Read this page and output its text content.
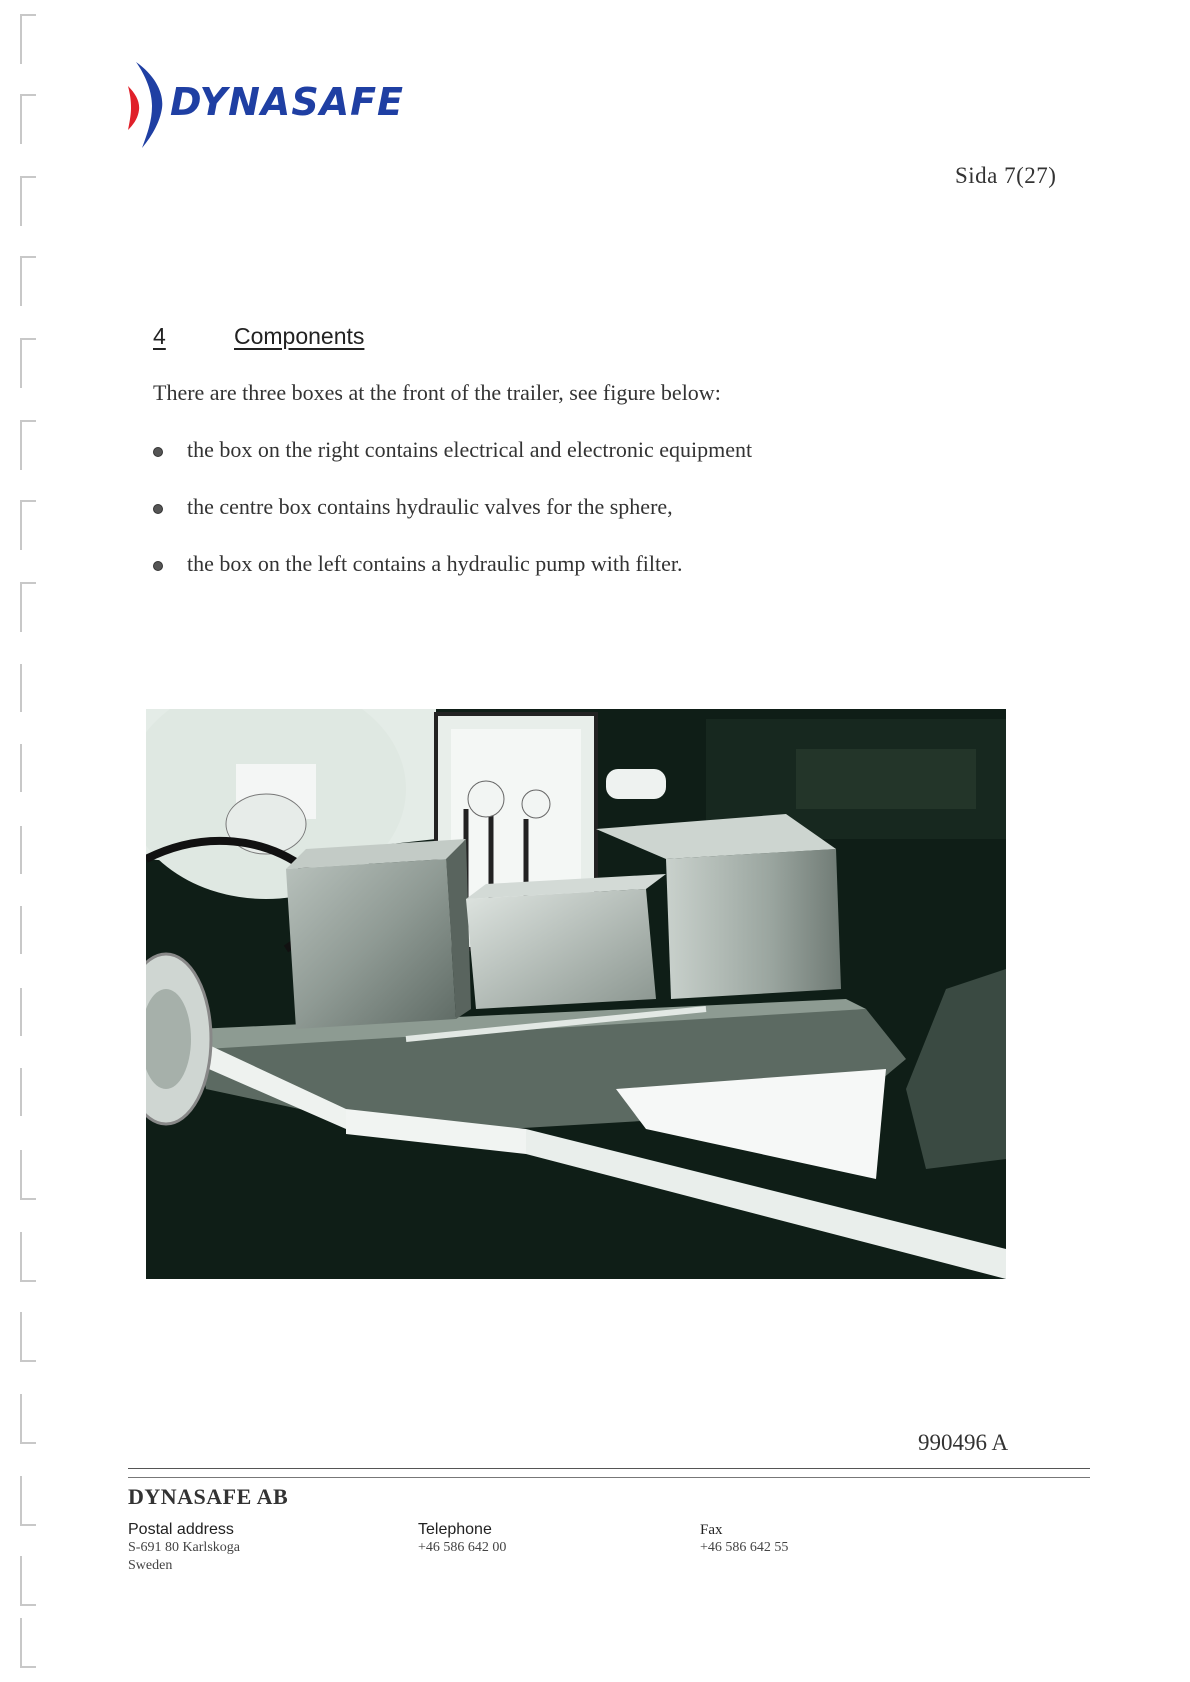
DYNASAFE
Sida 7(27)
4	Components
There are three boxes at the front of the trailer, see figure below:
the box on the right contains electrical and electronic equipment
the centre box contains hydraulic valves for the sphere,
the box on the left contains a hydraulic pump with filter.
990496 A
DYNASAFE AB
Postal address
S-691 80 Karlskoga
Sweden
Telephone
+46 586 642 00
Fax
+46 586 642 55
